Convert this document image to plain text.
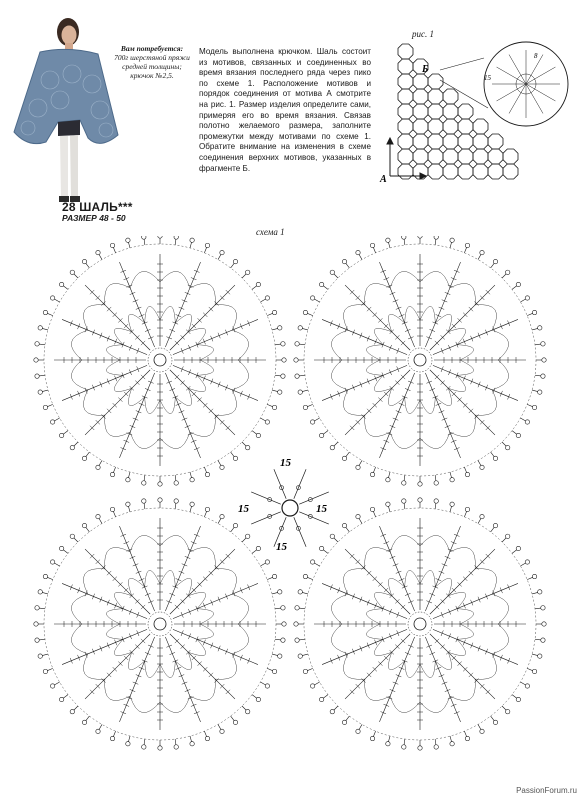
Вам потребуется:
700г шерстяной пряжи средней толщины; крючок №2,5.
28 ШАЛЬ***
РАЗМЕР 48 - 50
Модель выполнена крючком. Шаль состоит из мотивов, связанных и соединенных во время вязания последнего ряда через пико по схеме 1. Расположение мотивов и порядок соединения от мотива А смотрите на рис. 1. Размер изделия определите сами, примеряя его во время вязания. Связав полотно желаемого размера, заполните промежутки между мотивами по схеме 1. Обратите внимание на изменения в схеме соединения верхних мотивов, указанных в фрагменте Б.
рис. 1
А
Б
8
15
схема 1
15
15	15
15
PassionForum.ru
